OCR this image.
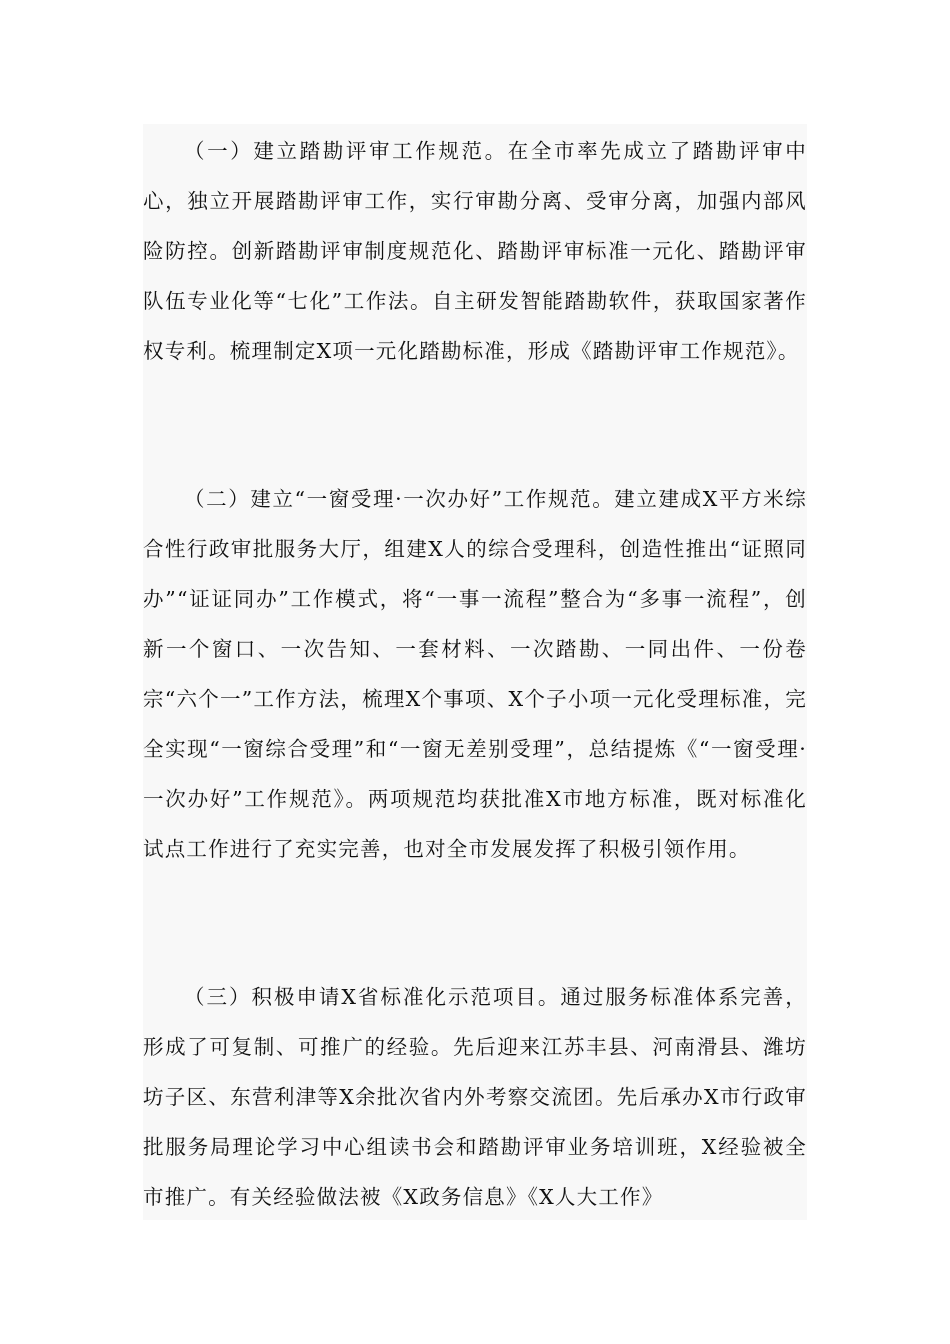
（一）建立踏勘评审工作规范。在全市率先成立了踏勘评审中心，独立开展踏勘评审工作，实行审勘分离、受审分离，加强内部风险防控。创新踏勘评审制度规范化、踏勘评审标准一元化、踏勘评审队伍专业化等“七化”工作法。自主研发智能踏勘软件，获取国家著作权专利。梳理制定X项一元化踏勘标准，形成《踏勘评审工作规范》。

（二）建立“一窗受理·一次办好”工作规范。建立建成X平方米综合性行政审批服务大厅，组建X人的综合受理科，创造性推出“证照同办”“证证同办”工作模式，将“一事一流程”整合为“多事一流程”，创新一个窗口、一次告知、一套材料、一次踏勘、一同出件、一份卷宗“六个一”工作方法，梳理X个事项、X个子小项一元化受理标准，完全实现“一窗综合受理”和“一窗无差别受理”，总结提炼《“一窗受理·一次办好”工作规范》。两项规范均获批准X市地方标准，既对标准化试点工作进行了充实完善，也对全市发展发挥了积极引领作用。

（三）积极申请X省标准化示范项目。通过服务标准体系完善，形成了可复制、可推广的经验。先后迎来江苏丰县、河南滑县、潍坊坊子区、东营利津等X余批次省内外考察交流团。先后承办X市行政审批服务局理论学习中心组读书会和踏勘评审业务培训班，X经验被全市推广。有关经验做法被《X政务信息》《X人大工作》
